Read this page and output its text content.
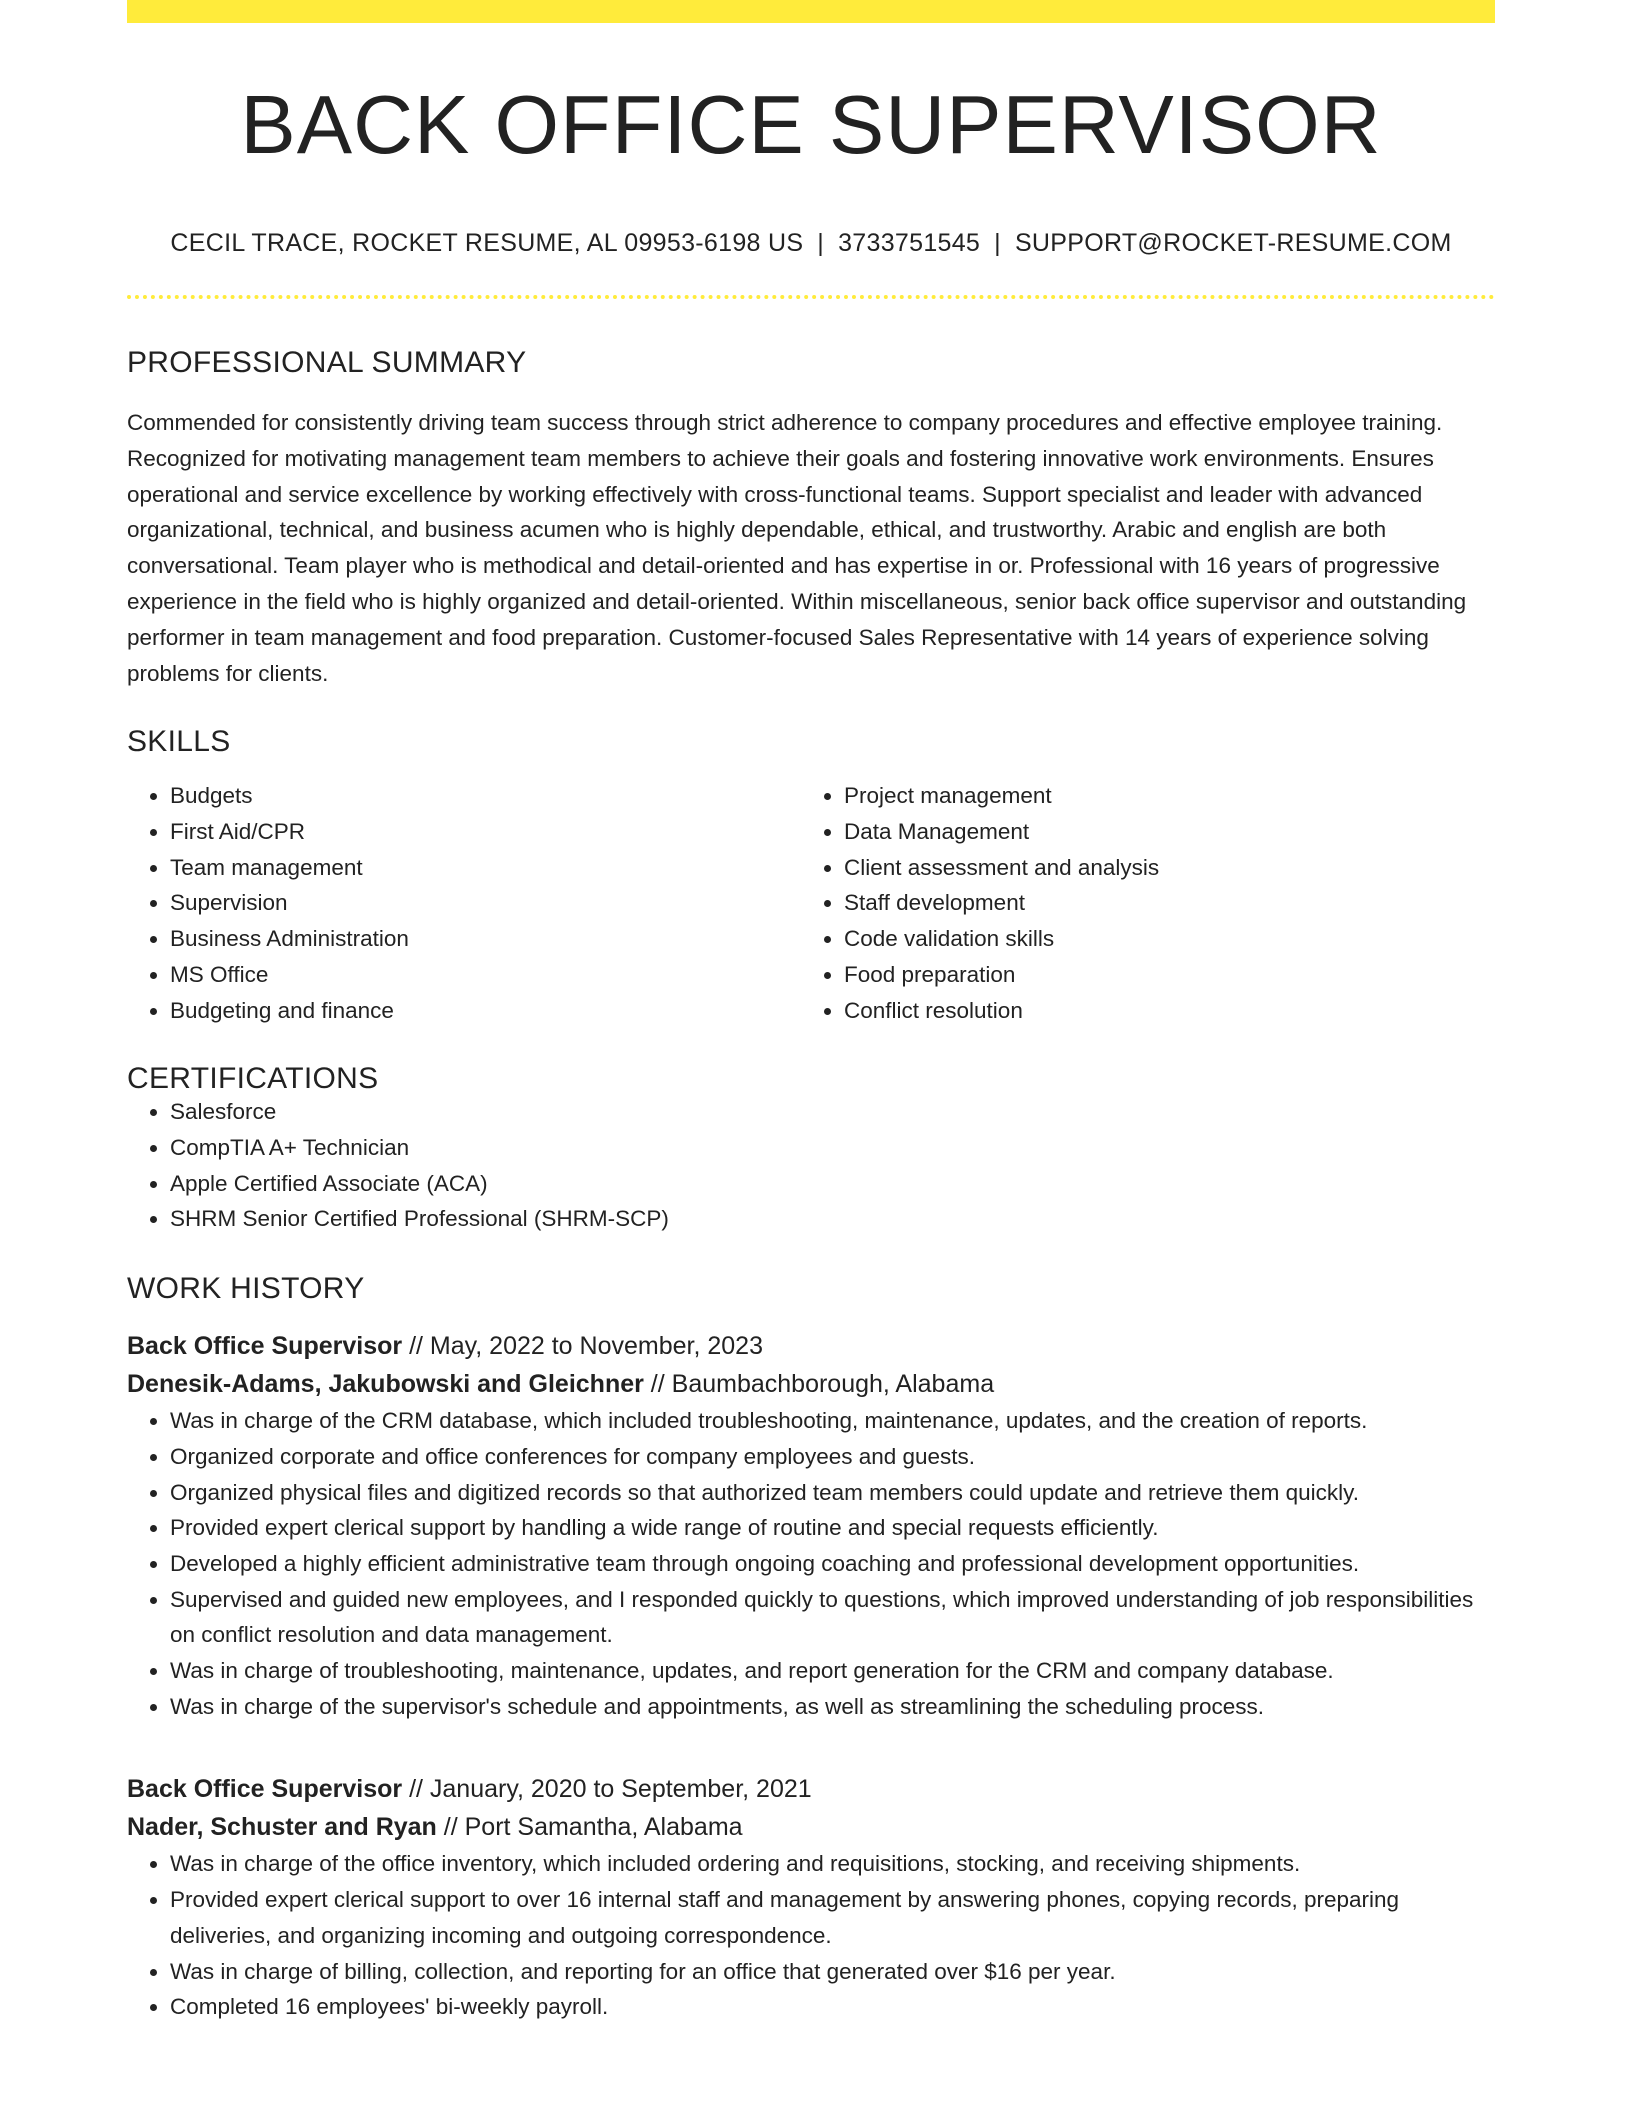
BACK OFFICE SUPERVISOR
CECIL TRACE, ROCKET RESUME, AL 09953-6198 US | 3733751545 | SUPPORT@ROCKET-RESUME.COM
PROFESSIONAL SUMMARY

Commended for consistently driving team success through strict adherence to company procedures and effective employee training. Recognized for motivating management team members to achieve their goals and fostering innovative work environments. Ensures operational and service excellence by working effectively with cross-functional teams. Support specialist and leader with advanced organizational, technical, and business acumen who is highly dependable, ethical, and trustworthy. Arabic and english are both conversational. Team player who is methodical and detail-oriented and has expertise in or. Professional with 16 years of progressive experience in the field who is highly organized and detail-oriented. Within miscellaneous, senior back office supervisor and outstanding performer in team management and food preparation. Customer-focused Sales Representative with 14 years of experience solving problems for clients.

SKILLS
• Budgets
• First Aid/CPR
• Team management
• Supervision
• Business Administration
• MS Office
• Budgeting and finance
• Project management
• Data Management
• Client assessment and analysis
• Staff development
• Code validation skills
• Food preparation
• Conflict resolution
CERTIFICATIONS
• Salesforce
• CompTIA A+ Technician
• Apple Certified Associate (ACA)
• SHRM Senior Certified Professional (SHRM-SCP)
WORK HISTORY
Back Office Supervisor // May, 2022 to November, 2023
Denesik-Adams, Jakubowski and Gleichner // Baumbachborough, Alabama
• Was in charge of the CRM database, which included troubleshooting, maintenance, updates, and the creation of reports.
• Organized corporate and office conferences for company employees and guests.
• Organized physical files and digitized records so that authorized team members could update and retrieve them quickly.
• Provided expert clerical support by handling a wide range of routine and special requests efficiently.
• Developed a highly efficient administrative team through ongoing coaching and professional development opportunities.
• Supervised and guided new employees, and I responded quickly to questions, which improved understanding of job responsibilities on conflict resolution and data management.
• Was in charge of troubleshooting, maintenance, updates, and report generation for the CRM and company database.
• Was in charge of the supervisor's schedule and appointments, as well as streamlining the scheduling process.
Back Office Supervisor // January, 2020 to September, 2021
Nader, Schuster and Ryan // Port Samantha, Alabama
• Was in charge of the office inventory, which included ordering and requisitions, stocking, and receiving shipments.
• Provided expert clerical support to over 16 internal staff and management by answering phones, copying records, preparing deliveries, and organizing incoming and outgoing correspondence.
• Was in charge of billing, collection, and reporting for an office that generated over $16 per year.
• Completed 16 employees' bi-weekly payroll.
